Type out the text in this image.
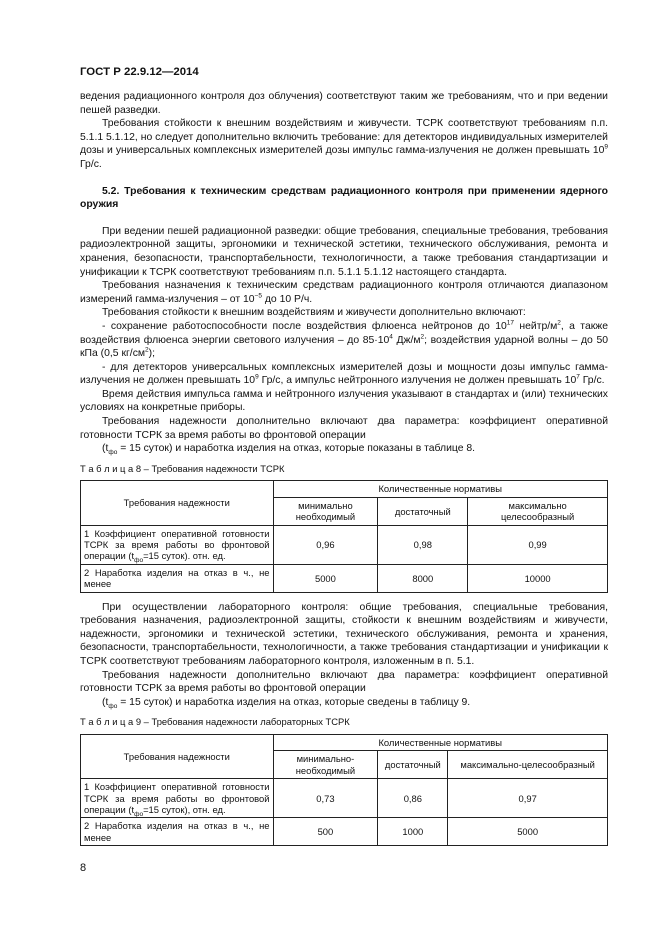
ГОСТ Р 22.9.12—2014

ведения радиационного контроля доз облучения) соответствуют таким же требованиям, что и при ведении пешей разведки.

Требования стойкости к внешним воздействиям и живучести. ТСРК соответствуют требованиям п.п. 5.1.1 5.1.12, но следует дополнительно включить требование: для детекторов индивидуальных измерителей дозы и универсальных комплексных измерителей дозы импульс гамма-излучения не должен превышать $10^9$ Гр/с.

5.2. Требования к техническим средствам радиационного контроля при применении ядерного оружия

При ведении пешей радиационной разведки: общие требования, специальные требования, требования радиоэлектронной защиты, эргономики и технической эстетики, технического обслуживания, ремонта и хранения, безопасности, транспортабельности, технологичности, а также требования стандартизации и унификации к ТСРК соответствуют требованиям п.п. 5.1.1 5.1.12 настоящего стандарта.

Требования назначения к техническим средствам радиационного контроля отличаются диапазоном измерений гамма-излучения – от $10^{-5}$ до 10 Р/ч.

Требования стойкости к внешним воздействиям и живучести дополнительно включают:

- сохранение работоспособности после воздействия флюенса нейтронов до $10^{17}$ нейтр/$м^2$, а также воздействия флюенса энергии светового излучения – до $85\cdot 10^4$ $Дж/м^2$; воздействия ударной волны – до 50 кПа (0,5 $кг/см^2$);

- для детекторов универсальных комплексных измерителей дозы и мощности дозы импульс гамма-излучения не должен превышать $10^9$ Гр/с, а импульс нейтронного излучения не должен превышать $10^7$ Гр/с.

Время действия импульса гамма и нейтронного излучения указывают в стандартах и (или) технических условиях на конкретные приборы.

Требования надежности дополнительно включают два параметра: коэффициент оперативной готовности ТСРК за время работы во фронтовой операции

($t_{фо} = 15$ суток) и наработка изделия на отказ, которые показаны в таблице 8.

Т а б л и ц а 8 – Требования надежности ТСРК

Требования надежности	Количественные нормативы		
	минимально необходимый	достаточный	максимально целесообразный
1 Коэффициент оперативной готовности ТСРК за время работы во фронтовой операции ($t_{фо}=15$ суток). отн. ед.	0,96	0,98	0,99
2 Наработка изделия на отказ в ч., не менее	5000	8000	10000

При осуществлении лабораторного контроля: общие требования, специальные требования, требования назначения, радиоэлектронной защиты, стойкости к внешним воздействиям и живучести, надежности, эргономики и технической эстетики, технического обслуживания, ремонта и хранения, безопасности, транспортабельности, технологичности, а также требования стандартизации и унификации к ТСРК соответствуют требованиям лабораторного контроля, изложенным в п. 5.1.

Требования надежности дополнительно включают два параметра: коэффициент оперативной готовности ТСРК за время работы во фронтовой операции

($t_{фо} = 15$ суток) и наработка изделия на отказ, которые сведены в таблицу 9.

Т а б л и ц а 9 – Требования надежности лабораторных ТСРК

Требования надежности	Количественные нормативы		
	минимально-необходимый	достаточный	максимально-целесообразный
1 Коэффициент оперативной готовности ТСРК за время работы во фронтовой операции ($t_{фо}=15$ суток), отн. ед.	0,73	0,86	0,97
2 Наработка изделия на отказ в ч., не менее	500	1000	5000
8
